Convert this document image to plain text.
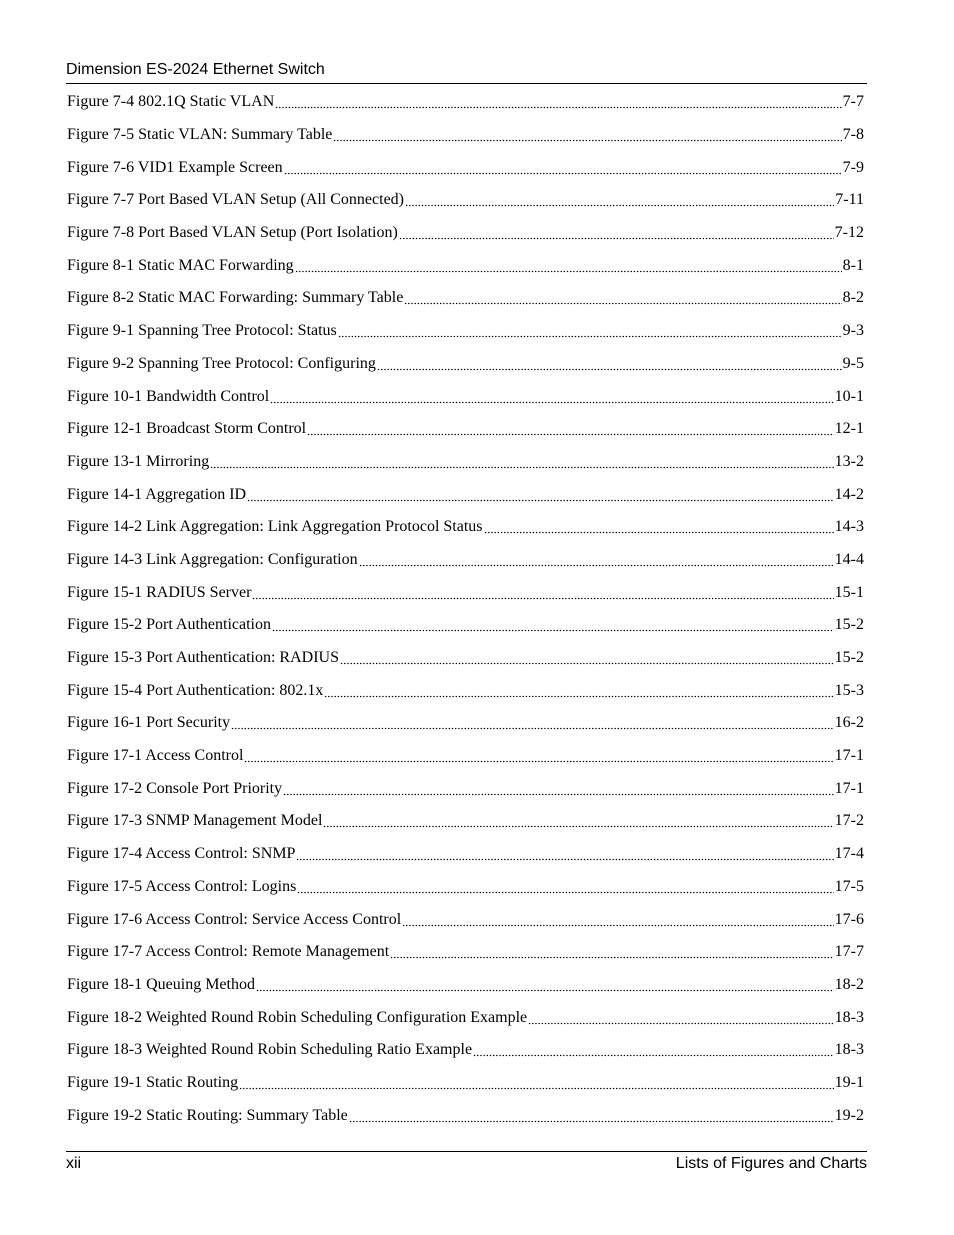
Dimension ES-2024 Ethernet Switch
Figure 7-4 802.1Q Static VLAN	7-7
Figure 7-5 Static VLAN: Summary Table	7-8
Figure 7-6 VID1 Example Screen	7-9
Figure 7-7 Port Based VLAN Setup (All Connected)	7-11
Figure 7-8 Port Based VLAN Setup (Port Isolation)	7-12
Figure 8-1 Static MAC Forwarding	8-1
Figure 8-2 Static MAC Forwarding: Summary Table	8-2
Figure 9-1 Spanning Tree Protocol: Status	9-3
Figure 9-2 Spanning Tree Protocol: Configuring	9-5
Figure 10-1 Bandwidth Control	10-1
Figure 12-1 Broadcast Storm Control	12-1
Figure 13-1 Mirroring	13-2
Figure 14-1 Aggregation ID	14-2
Figure 14-2 Link Aggregation: Link Aggregation Protocol Status	14-3
Figure 14-3 Link Aggregation: Configuration	14-4
Figure 15-1 RADIUS Server	15-1
Figure 15-2 Port Authentication	15-2
Figure 15-3 Port Authentication: RADIUS	15-2
Figure 15-4 Port Authentication: 802.1x	15-3
Figure 16-1 Port Security	16-2
Figure 17-1 Access Control	17-1
Figure 17-2 Console Port Priority	17-1
Figure 17-3 SNMP Management Model	17-2
Figure 17-4 Access Control: SNMP	17-4
Figure 17-5 Access Control: Logins	17-5
Figure 17-6 Access Control: Service Access Control	17-6
Figure 17-7 Access Control: Remote Management	17-7
Figure 18-1 Queuing Method	18-2
Figure 18-2 Weighted Round Robin Scheduling Configuration Example	18-3
Figure 18-3 Weighted Round Robin Scheduling Ratio Example	18-3
Figure 19-1 Static Routing	19-1
Figure 19-2 Static Routing: Summary Table	19-2
xii	Lists of Figures and Charts
